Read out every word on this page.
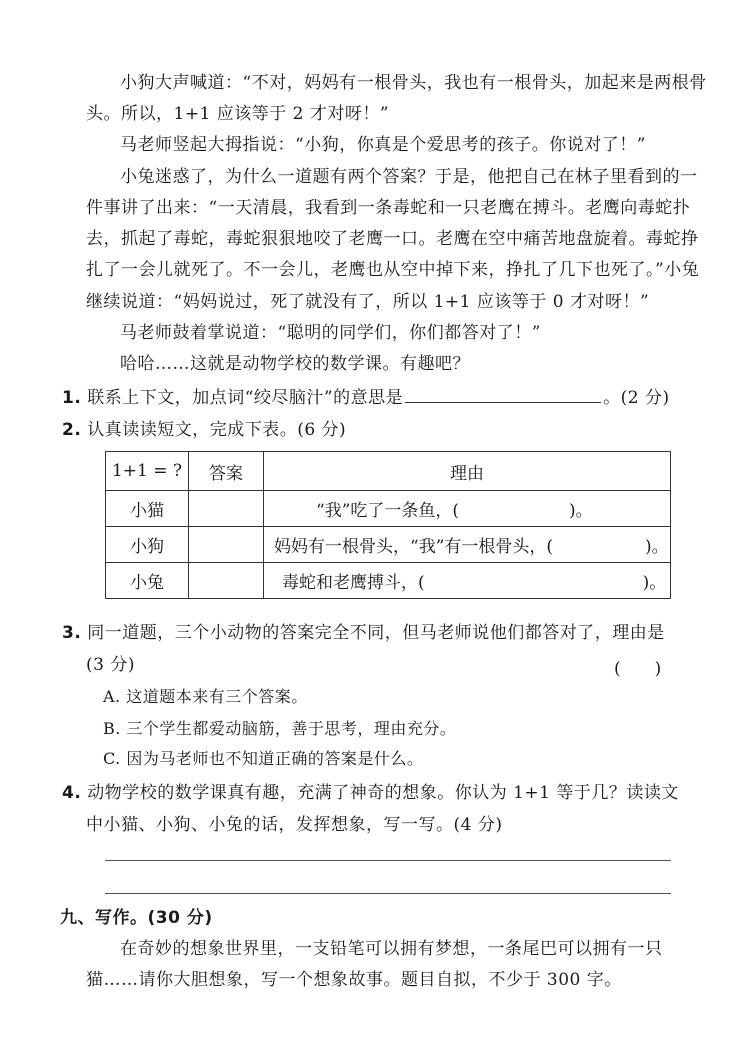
小狗大声喊道：“不对，妈妈有一根骨头，我也有一根骨头，加起来是两根骨
头。所以，1+1 应该等于 2 才对呀！”
马老师竖起大拇指说：“小狗，你真是个爱思考的孩子。你说对了！”
小兔迷惑了，为什么一道题有两个答案？于是，他把自己在林子里看到的一
件事讲了出来：“一天清晨，我看到一条毒蛇和一只老鹰在搏斗。老鹰向毒蛇扑
去，抓起了毒蛇，毒蛇狠狠地咬了老鹰一口。老鹰在空中痛苦地盘旋着。毒蛇挣
扎了一会儿就死了。不一会儿，老鹰也从空中掉下来，挣扎了几下也死了。”小兔
继续说道：“妈妈说过，死了就没有了，所以 1+1 应该等于 0 才对呀！”
马老师鼓着掌说道：“聪明的同学们，你们都答对了！”
哈哈……这就是动物学校的数学课。有趣吧？
1. 联系上下文，加点词“绞尽脑汁”的意思是	。(2 分)
2. 认真读读短文，完成下表。(6 分)
1+1 = ?	答案	理由
小猫		“我”吃了一条鱼，( )。
小狗		妈妈有一根骨头，“我”有一根骨头，( )。
小兔		毒蛇和老鹰搏斗，( )。
3. 同一道题，三个小动物的答案完全不同，但马老师说他们都答对了，理由是
(3 分)	(　　)
A. 这道题本来有三个答案。
B. 三个学生都爱动脑筋，善于思考，理由充分。
C. 因为马老师也不知道正确的答案是什么。
4. 动物学校的数学课真有趣，充满了神奇的想象。你认为 1+1 等于几？读读文
中小猫、小狗、小兔的话，发挥想象，写一写。(4 分)
九、写作。(30 分)
在奇妙的想象世界里，一支铅笔可以拥有梦想，一条尾巴可以拥有一只
猫……请你大胆想象，写一个想象故事。题目自拟，不少于 300 字。
